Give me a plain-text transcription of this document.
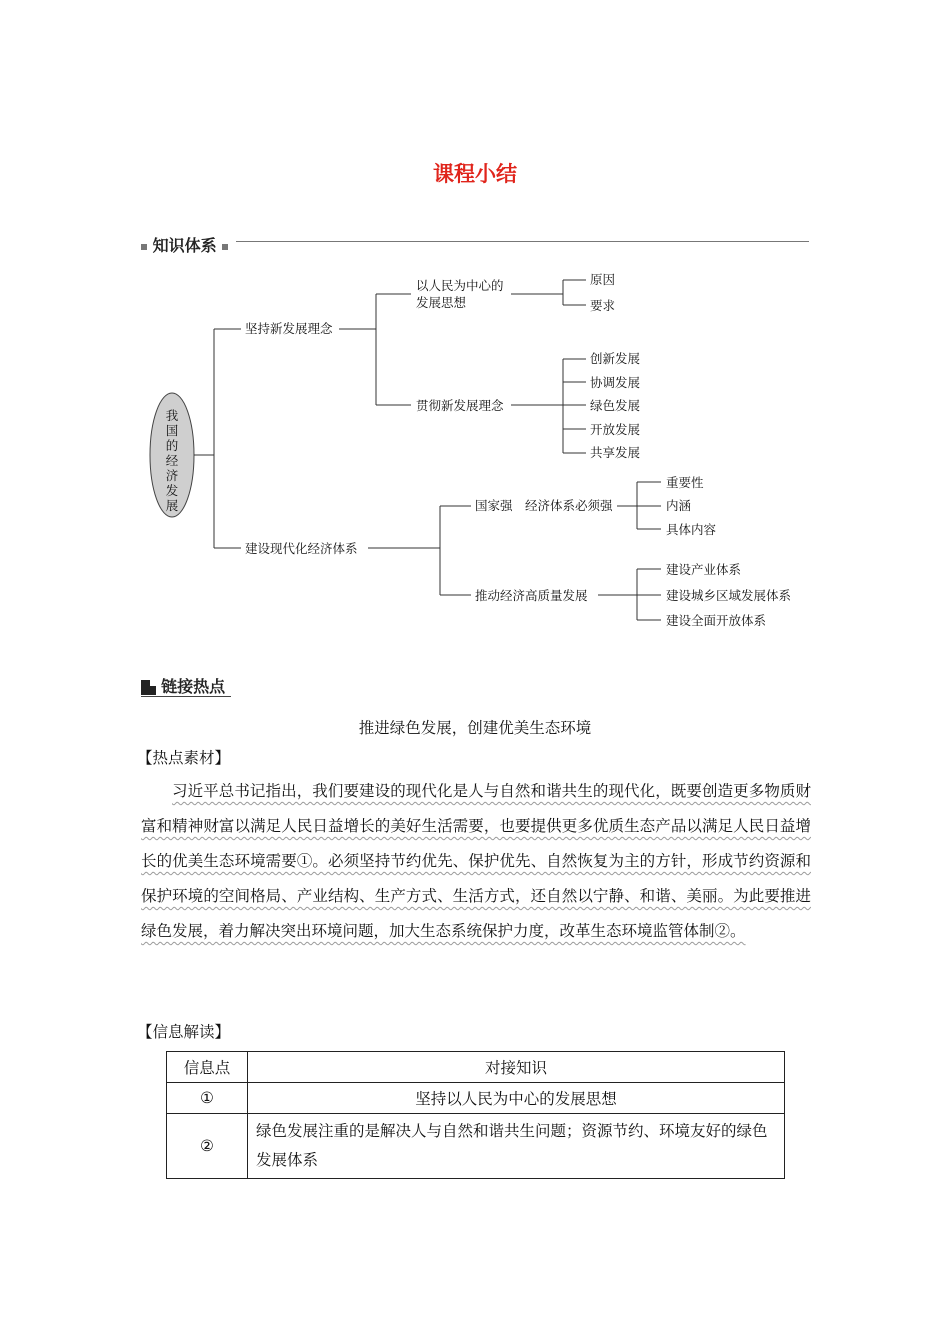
课程小结
知识体系
我国的经济发展
坚持新发展理念
以人民为中心的
发展思想
原因
要求
贯彻新发展理念
创新发展
协调发展
绿色发展
开放发展
共享发展
建设现代化经济体系
国家强　经济体系必须强
重要性
内涵
具体内容
推动经济高质量发展
建设产业体系
建设城乡区域发展体系
建设全面开放体系
链接热点
推进绿色发展，创建优美生态环境
【热点素材】
习近平总书记指出，我们要建设的现代化是人与自然和谐共生的现代化，既要创造更多物质财富和精神财富以满足人民日益增长的美好生活需要，也要提供更多优质生态产品以满足人民日益增长的优美生态环境需要①。必须坚持节约优先、保护优先、自然恢复为主的方针，形成节约资源和保护环境的空间格局、产业结构、生产方式、生活方式，还自然以宁静、和谐、美丽。为此要推进绿色发展，着力解决突出环境问题，加大生态系统保护力度，改革生态环境监管体制②。
【信息解读】
信息点	对接知识
①	坚持以人民为中心的发展思想
②	绿色发展注重的是解决人与自然和谐共生问题；资源节约、环境友好的绿色发展体系
